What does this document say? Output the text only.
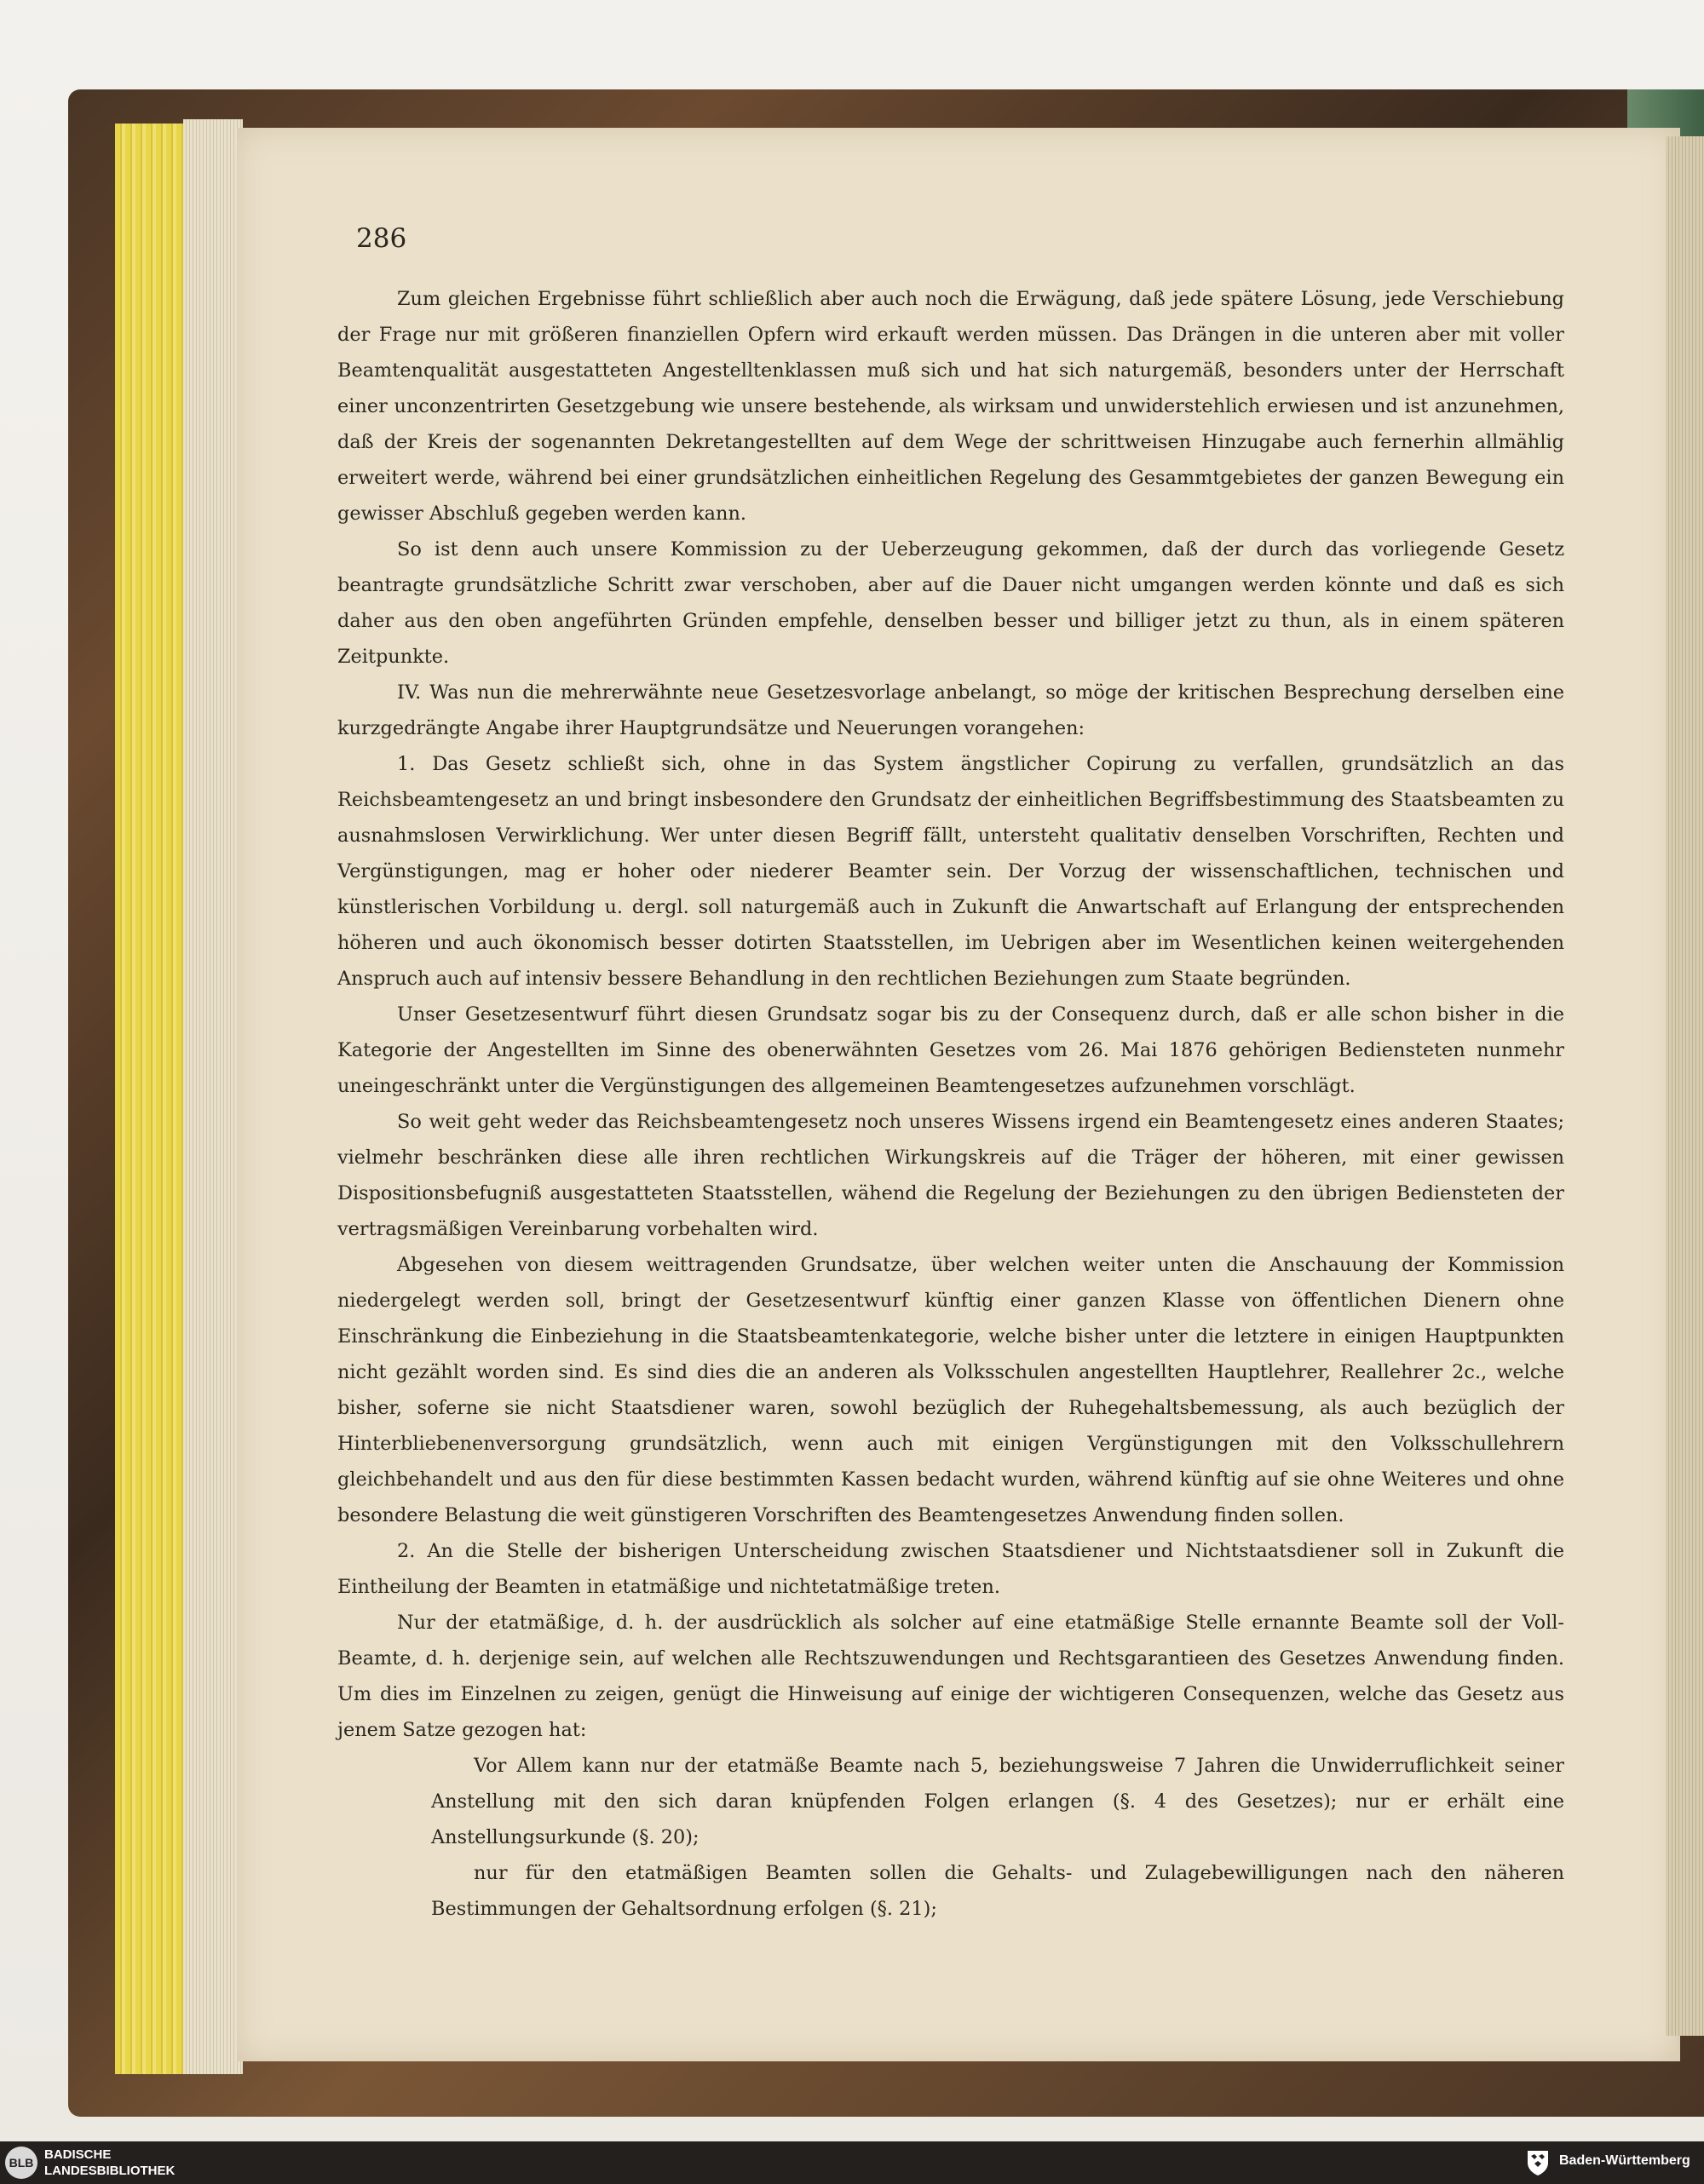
286

Zum gleichen Ergebnisse führt schließlich aber auch noch die Erwägung, daß jede spätere Lösung, jede Verschiebung der Frage nur mit größeren finanziellen Opfern wird erkauft werden müssen. Das Drängen in die unteren aber mit voller Beamtenqualität ausgestatteten Angestelltenklassen muß sich und hat sich naturgemäß, besonders unter der Herrschaft einer unconzentrirten Gesetzgebung wie unsere bestehende, als wirksam und unwiderstehlich erwiesen und ist anzunehmen, daß der Kreis der sogenannten Dekretangestellten auf dem Wege der schrittweisen Hinzugabe auch fernerhin allmählig erweitert werde, während bei einer grundsätzlichen einheitlichen Regelung des Gesammtgebietes der ganzen Bewegung ein gewisser Abschluß gegeben werden kann.

So ist denn auch unsere Kommission zu der Ueberzeugung gekommen, daß der durch das vorliegende Gesetz beantragte grundsätzliche Schritt zwar verschoben, aber auf die Dauer nicht umgangen werden könnte und daß es sich daher aus den oben angeführten Gründen empfehle, denselben besser und billiger jetzt zu thun, als in einem späteren Zeitpunkte.

IV. Was nun die mehrerwähnte neue Gesetzesvorlage anbelangt, so möge der kritischen Besprechung derselben eine kurzgedrängte Angabe ihrer Hauptgrundsätze und Neuerungen vorangehen:

1. Das Gesetz schließt sich, ohne in das System ängstlicher Copirung zu verfallen, grundsätzlich an das Reichsbeamtengesetz an und bringt insbesondere den Grundsatz der einheitlichen Begriffsbestimmung des Staatsbeamten zu ausnahmslosen Verwirklichung. Wer unter diesen Begriff fällt, untersteht qualitativ denselben Vorschriften, Rechten und Vergünstigungen, mag er hoher oder niederer Beamter sein. Der Vorzug der wissenschaftlichen, technischen und künstlerischen Vorbildung u. dergl. soll naturgemäß auch in Zukunft die Anwartschaft auf Erlangung der entsprechenden höheren und auch ökonomisch besser dotirten Staatsstellen, im Uebrigen aber im Wesentlichen keinen weitergehenden Anspruch auch auf intensiv bessere Behandlung in den rechtlichen Beziehungen zum Staate begründen.

Unser Gesetzesentwurf führt diesen Grundsatz sogar bis zu der Consequenz durch, daß er alle schon bisher in die Kategorie der Angestellten im Sinne des obenerwähnten Gesetzes vom 26. Mai 1876 gehörigen Bediensteten nunmehr uneingeschränkt unter die Vergünstigungen des allgemeinen Beamtengesetzes aufzunehmen vorschlägt.

So weit geht weder das Reichsbeamtengesetz noch unseres Wissens irgend ein Beamtengesetz eines anderen Staates; vielmehr beschränken diese alle ihren rechtlichen Wirkungskreis auf die Träger der höheren, mit einer gewissen Dispositionsbefugniß ausgestatteten Staatsstellen, wähend die Regelung der Beziehungen zu den übrigen Bediensteten der vertragsmäßigen Vereinbarung vorbehalten wird.

Abgesehen von diesem weittragenden Grundsatze, über welchen weiter unten die Anschauung der Kommission niedergelegt werden soll, bringt der Gesetzesentwurf künftig einer ganzen Klasse von öffentlichen Dienern ohne Einschränkung die Einbeziehung in die Staatsbeamtenkategorie, welche bisher unter die letztere in einigen Hauptpunkten nicht gezählt worden sind. Es sind dies die an anderen als Volksschulen angestellten Hauptlehrer, Reallehrer 2c., welche bisher, soferne sie nicht Staatsdiener waren, sowohl bezüglich der Ruhegehaltsbemessung, als auch bezüglich der Hinterbliebenenversorgung grundsätzlich, wenn auch mit einigen Vergünstigungen mit den Volksschullehrern gleichbehandelt und aus den für diese bestimmten Kassen bedacht wurden, während künftig auf sie ohne Weiteres und ohne besondere Belastung die weit günstigeren Vorschriften des Beamtengesetzes Anwendung finden sollen.

2. An die Stelle der bisherigen Unterscheidung zwischen Staatsdiener und Nichtstaatsdiener soll in Zukunft die Eintheilung der Beamten in etatmäßige und nichtetatmäßige treten.

Nur der etatmäßige, d. h. der ausdrücklich als solcher auf eine etatmäßige Stelle ernannte Beamte soll der Voll-Beamte, d. h. derjenige sein, auf welchen alle Rechtszuwendungen und Rechtsgarantieen des Gesetzes Anwendung finden. Um dies im Einzelnen zu zeigen, genügt die Hinweisung auf einige der wichtigeren Consequenzen, welche das Gesetz aus jenem Satze gezogen hat:

Vor Allem kann nur der etatmäße Beamte nach 5, beziehungsweise 7 Jahren die Unwiderruflichkeit seiner Anstellung mit den sich daran knüpfenden Folgen erlangen (§. 4 des Gesetzes); nur er erhält eine Anstellungsurkunde (§. 20);

nur für den etatmäßigen Beamten sollen die Gehalts- und Zulagebewilligungen nach den näheren Bestimmungen der Gehaltsordnung erfolgen (§. 21);

BLB
BADISCHE
LANDESBIBLIOTHEK
Baden-Württemberg
